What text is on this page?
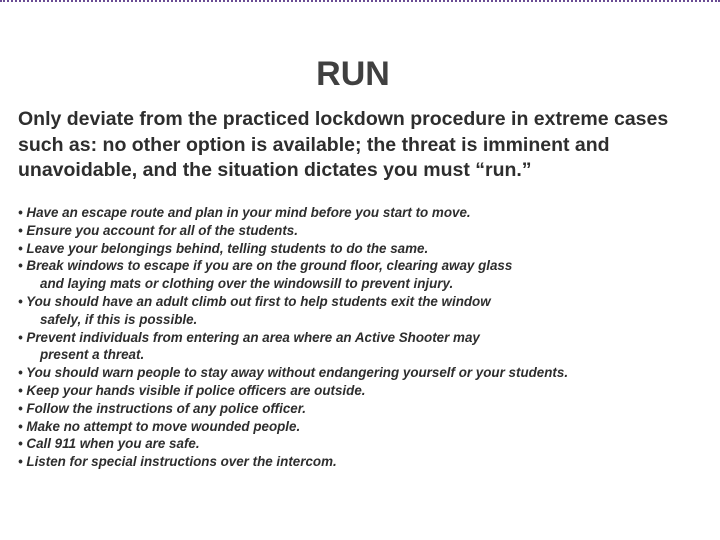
RUN

Only deviate from the practiced lockdown procedure in extreme cases such as: no other option is available; the threat is imminent and unavoidable, and the situation dictates you must “run.”

• Have an escape route and plan in your mind before you start to move.
• Ensure you account for all of the students.
• Leave your belongings behind, telling students to do the same.
• Break windows to escape if you are on the ground floor, clearing away glass
and laying mats or clothing over the windowsill to prevent injury.
• You should have an adult climb out first to help students exit the window
safely, if this is possible.
• Prevent individuals from entering an area where an Active Shooter may
present a threat.
• You should warn people to stay away without endangering yourself or your students.
• Keep your hands visible if police officers are outside.
• Follow the instructions of any police officer.
• Make no attempt to move wounded people.
• Call 911 when you are safe.
• Listen for special instructions over the intercom.
